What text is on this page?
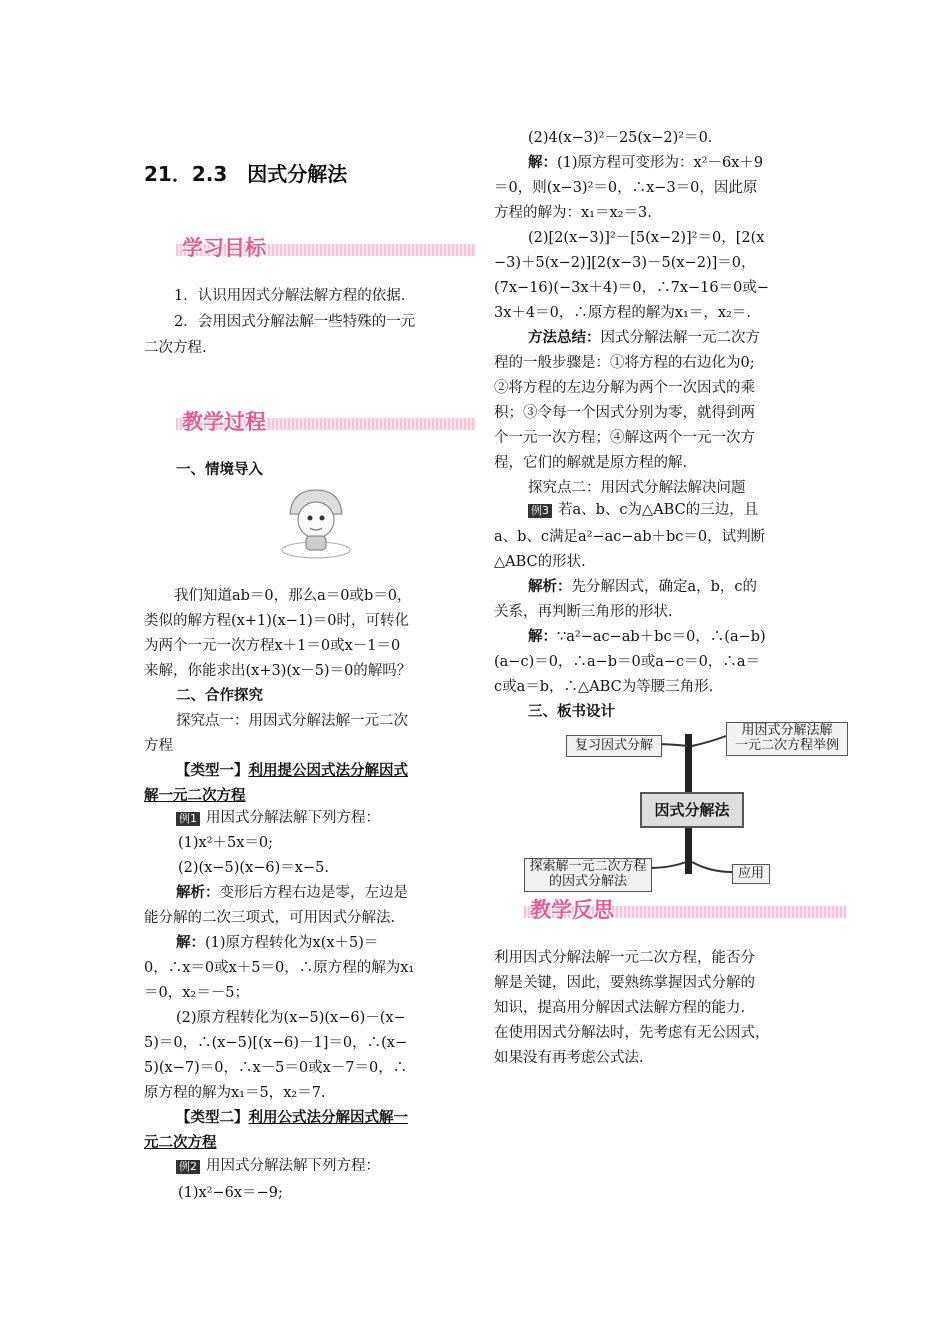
21．2.3　因式分解法
学习目标
1．认识用因式分解法解方程的依据.
2．会用因式分解法解一些特殊的一元
二次方程.
教学过程
一、情境导入
我们知道ab＝0，那么a＝0或b＝0，
类似的解方程(x+1)(x−1)＝0时，可转化
为两个一元一次方程x＋1＝0或x－1＝0
来解，你能求出(x+3)(x－5)＝0的解吗？
二、合作探究
探究点一：用因式分解法解一元二次
方程
【类型一】利用提公因式法分解因式
解一元二次方程
例1 用因式分解法解下列方程：
(1)x²＋5x＝0;
(2)(x−5)(x−6)＝x−5.
解析：变形后方程右边是零，左边是
能分解的二次三项式，可用因式分解法.
解：(1)原方程转化为x(x＋5)＝
0，∴x＝0或x＋5＝0，∴原方程的解为x₁
＝0，x₂＝－5；
(2)原方程转化为(x−5)(x−6)－(x−
5)＝0，∴(x−5)[(x−6)－1]＝0，∴(x−
5)(x−7)＝0，∴x－5＝0或x－7＝0，∴
原方程的解为x₁＝5，x₂＝7.
【类型二】利用公式法分解因式解一
元二次方程
例2 用因式分解法解下列方程：
(1)x²−6x＝−9;
(2)4(x−3)²－25(x−2)²＝0.
解：(1)原方程可变形为：x²－6x＋9
＝0，则(x−3)²＝0，∴x−3＝0，因此原
方程的解为：x₁＝x₂＝3.
(2)[2(x−3)]²－[5(x−2)]²＝0，[2(x
−3)＋5(x−2)][2(x−3)－5(x−2)]＝0，
(7x−16)(−3x＋4)＝0，∴7x−16＝0或−
3x＋4＝0，∴原方程的解为x₁＝，x₂＝.
方法总结：因式分解法解一元二次方
程的一般步骤是：①将方程的右边化为0;
②将方程的左边分解为两个一次因式的乘
积；③令每一个因式分别为零，就得到两
个一元一次方程；④解这两个一元一次方
程，它们的解就是原方程的解.
探究点二：用因式分解法解决问题
例3 若a、b、c为△ABC的三边，且
a、b、c满足a²−ac−ab＋bc＝0，试判断
△ABC的形状.
解析：先分解因式，确定a，b，c的
关系，再判断三角形的形状.
解：∵a²−ac−ab＋bc＝0，∴(a−b)
(a−c)＝0，∴a−b＝0或a−c＝0，∴a＝
c或a＝b，∴△ABC为等腰三角形.
三、板书设计
复习因式分解
用因式分解法解
一元二次方程举例
因式分解法
探索解一元二次方程
的因式分解法
应用
教学反思
利用因式分解法解一元二次方程，能否分
解是关键，因此，要熟练掌握因式分解的
知识，提高用分解因式法解方程的能力.
在使用因式分解法时，先考虑有无公因式，
如果没有再考虑公式法.
